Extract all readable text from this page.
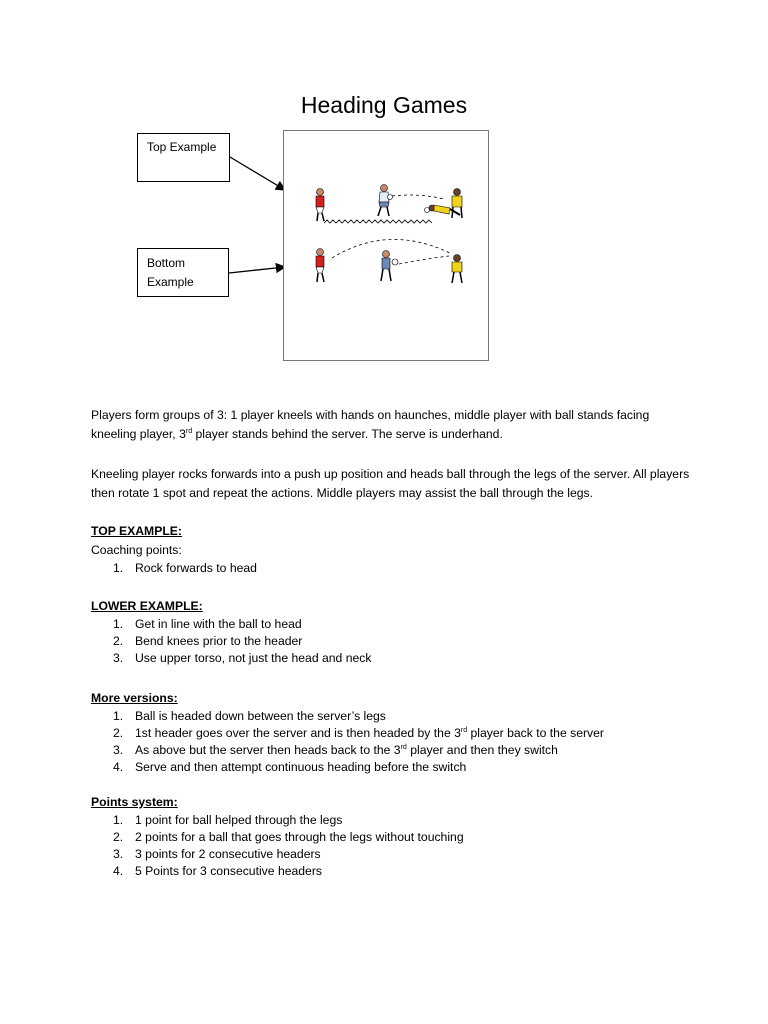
Heading Games
Top Example
Bottom
Example

Players form groups of 3: 1 player kneels with hands on haunches, middle player with ball stands facing kneeling player, 3rd player stands behind the server. The serve is underhand.

Kneeling player rocks forwards into a push up position and heads ball through the legs of the server. All players then rotate 1 spot and repeat the actions. Middle players may assist the ball through the legs.
TOP EXAMPLE:
Coaching points:
1. Rock forwards to head
LOWER EXAMPLE:
1. Get in line with the ball to head
2. Bend knees prior to the header
3. Use upper torso, not just the head and neck
More versions:
1. Ball is headed down between the server’s legs
2. 1st header goes over the server and is then headed by the 3rd player back to the server
3. As above but the server then heads back to the 3rd player and then they switch
4. Serve and then attempt continuous heading before the switch
Points system:
1. 1 point for ball helped through the legs
2. 2 points for a ball that goes through the legs without touching
3. 3 points for 2 consecutive headers
4. 5 Points for 3 consecutive headers
